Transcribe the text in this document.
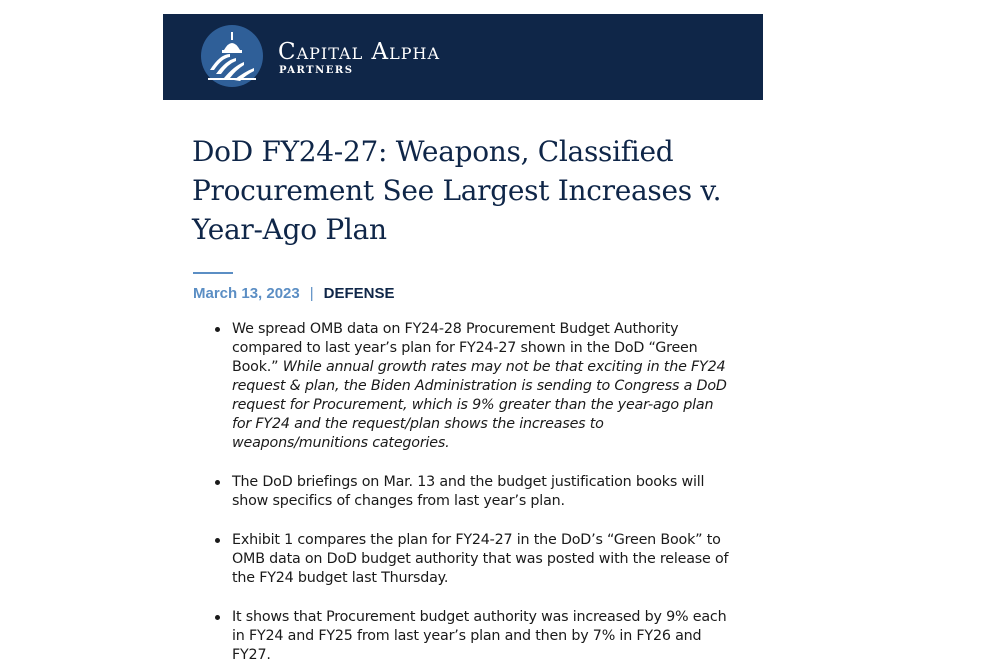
Capital Alpha
PARTNERS
DoD FY24-27: Weapons, Classified Procurement See Largest Increases v. Year-Ago Plan
March 13, 2023 | DEFENSE
We spread OMB data on FY24-28 Procurement Budget Authority compared to last year’s plan for FY24-27 shown in the DoD “Green Book.” While annual growth rates may not be that exciting in the FY24 request & plan, the Biden Administration is sending to Congress a DoD request for Procurement, which is 9% greater than the year-ago plan for FY24 and the request/plan shows the increases to weapons/munitions categories.
The DoD briefings on Mar. 13 and the budget justification books will show specifics of changes from last year’s plan.
Exhibit 1 compares the plan for FY24-27 in the DoD’s “Green Book” to OMB data on DoD budget authority that was posted with the release of the FY24 budget last Thursday.
It shows that Procurement budget authority was increased by 9% each in FY24 and FY25 from last year’s plan and then by 7% in FY26 and FY27.
